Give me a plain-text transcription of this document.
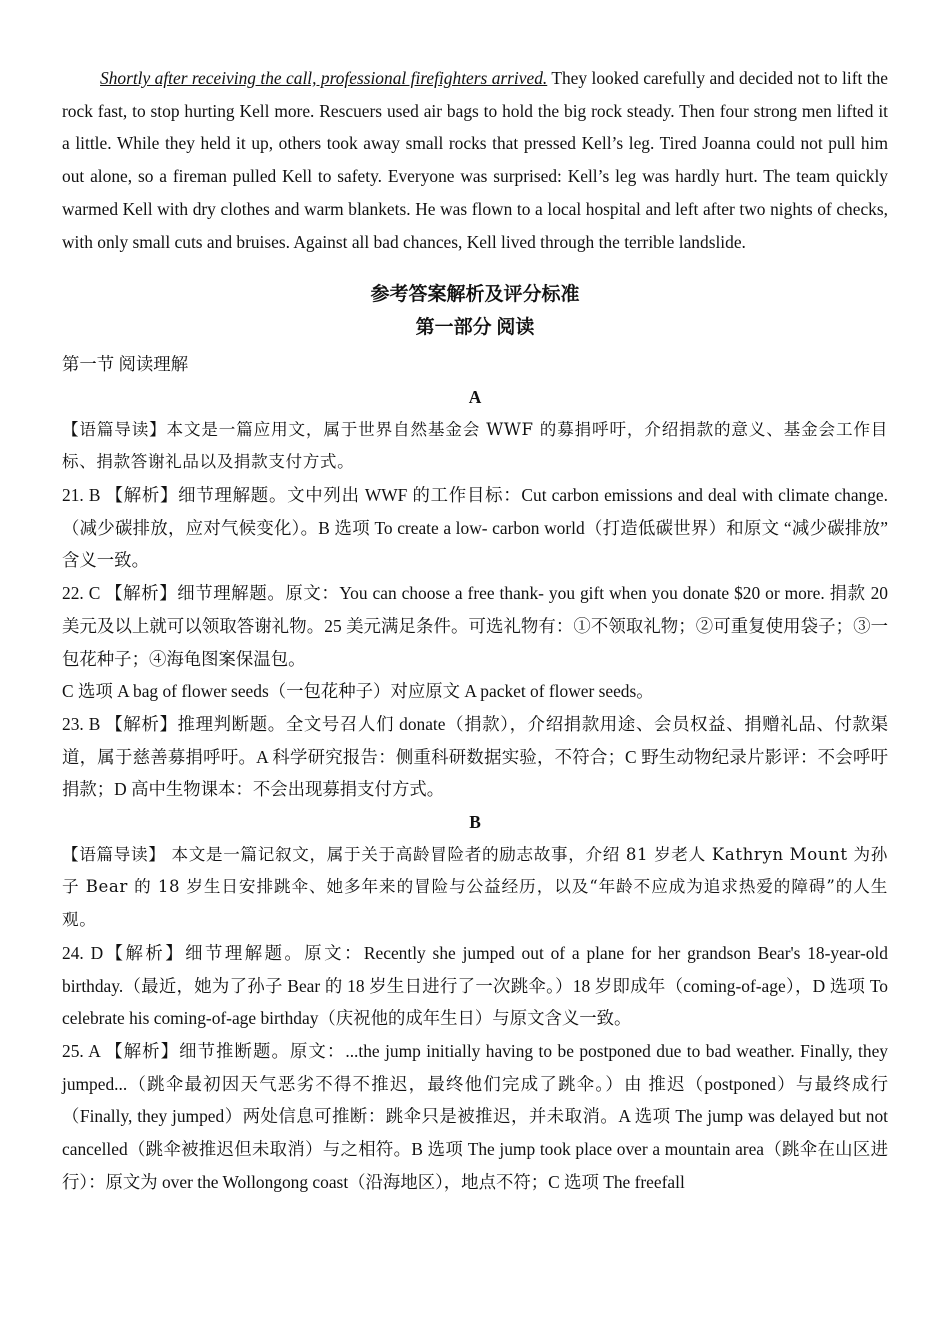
Shortly after receiving the call, professional firefighters arrived. They looked carefully and decided not to lift the rock fast, to stop hurting Kell more. Rescuers used air bags to hold the big rock steady. Then four strong men lifted it a little. While they held it up, others took away small rocks that pressed Kell’s leg. Tired Joanna could not pull him out alone, so a fireman pulled Kell to safety. Everyone was surprised: Kell’s leg was hardly hurt. The team quickly warmed Kell with dry clothes and warm blankets. He was flown to a local hospital and left after two nights of checks, with only small cuts and bruises. Against all bad chances, Kell lived through the terrible landslide.

参考答案解析及评分标准
第一部分 阅读

第一节 阅读理解

A

【语篇导读】本文是一篇应用文，属于世界自然基金会 WWF 的募捐呼吁，介绍捐款的意义、基金会工作目标、捐款答谢礼品以及捐款支付方式。

21. B 【解析】细节理解题。文中列出 WWF 的工作目标：Cut carbon emissions and deal with climate change.（减少碳排放，应对气候变化）。B 选项 To create a low- carbon world（打造低碳世界）和原文 “减少碳排放” 含义一致。

22. C 【解析】细节理解题。原文：You can choose a free thank- you gift when you donate $20 or more. 捐款 20 美元及以上就可以领取答谢礼物。25 美元满足条件。可选礼物有：①不领取礼物；②可重复使用袋子；③一包花种子；④海龟图案保温包。

C 选项 A bag of flower seeds（一包花种子）对应原文 A packet of flower seeds。

23. B 【解析】推理判断题。全文号召人们 donate（捐款），介绍捐款用途、会员权益、捐赠礼品、付款渠道，属于慈善募捐呼吁。A 科学研究报告：侧重科研数据实验，不符合；C 野生动物纪录片影评：不会呼吁捐款；D 高中生物课本：不会出现募捐支付方式。

B

【语篇导读】 本文是一篇记叙文，属于关于高龄冒险者的励志故事，介绍 81 岁老人 Kathryn Mount 为孙子 Bear 的 18 岁生日安排跳伞、她多年来的冒险与公益经历，以及“年龄不应成为追求热爱的障碍”的人生观。

24. D【解析】细节理解题。原文：Recently she jumped out of a plane for her grandson Bear's 18-year-old birthday.（最近，她为了孙子 Bear 的 18 岁生日进行了一次跳伞。）18 岁即成年（coming-of-age），D 选项 To celebrate his coming-of-age birthday（庆祝他的成年生日）与原文含义一致。

25. A 【解析】细节推断题。原文：...the jump initially having to be postponed due to bad weather. Finally, they jumped...（跳伞最初因天气恶劣不得不推迟，最终他们完成了跳伞。）由 推迟（postponed）与最终成行（Finally, they jumped）两处信息可推断：跳伞只是被推迟，并未取消。A 选项 The jump was delayed but not cancelled（跳伞被推迟但未取消）与之相符。B 选项 The jump took place over a mountain area（跳伞在山区进行）：原文为 over the Wollongong coast（沿海地区），地点不符；C 选项 The freefall
